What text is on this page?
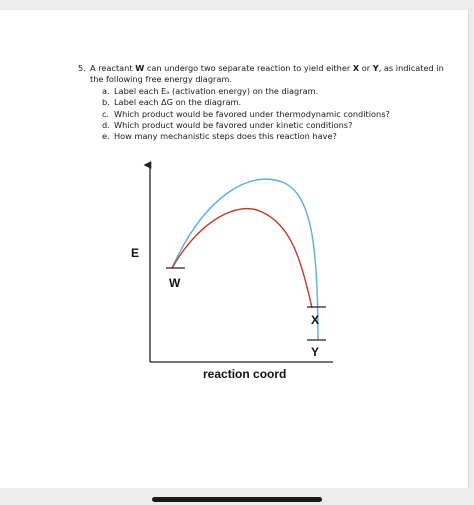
5. A reactant W can undergo two separate reaction to yield either X or Y, as indicated in
the following free energy diagram.
a. Label each Eₐ (activation energy) on the diagram.
b. Label each ΔG on the diagram.
c. Which product would be favored under thermodynamic conditions?
d. Which product would be favored under kinetic conditions?
e. How many mechanistic steps does this reaction have?
E
W
X
Y
reaction coord
